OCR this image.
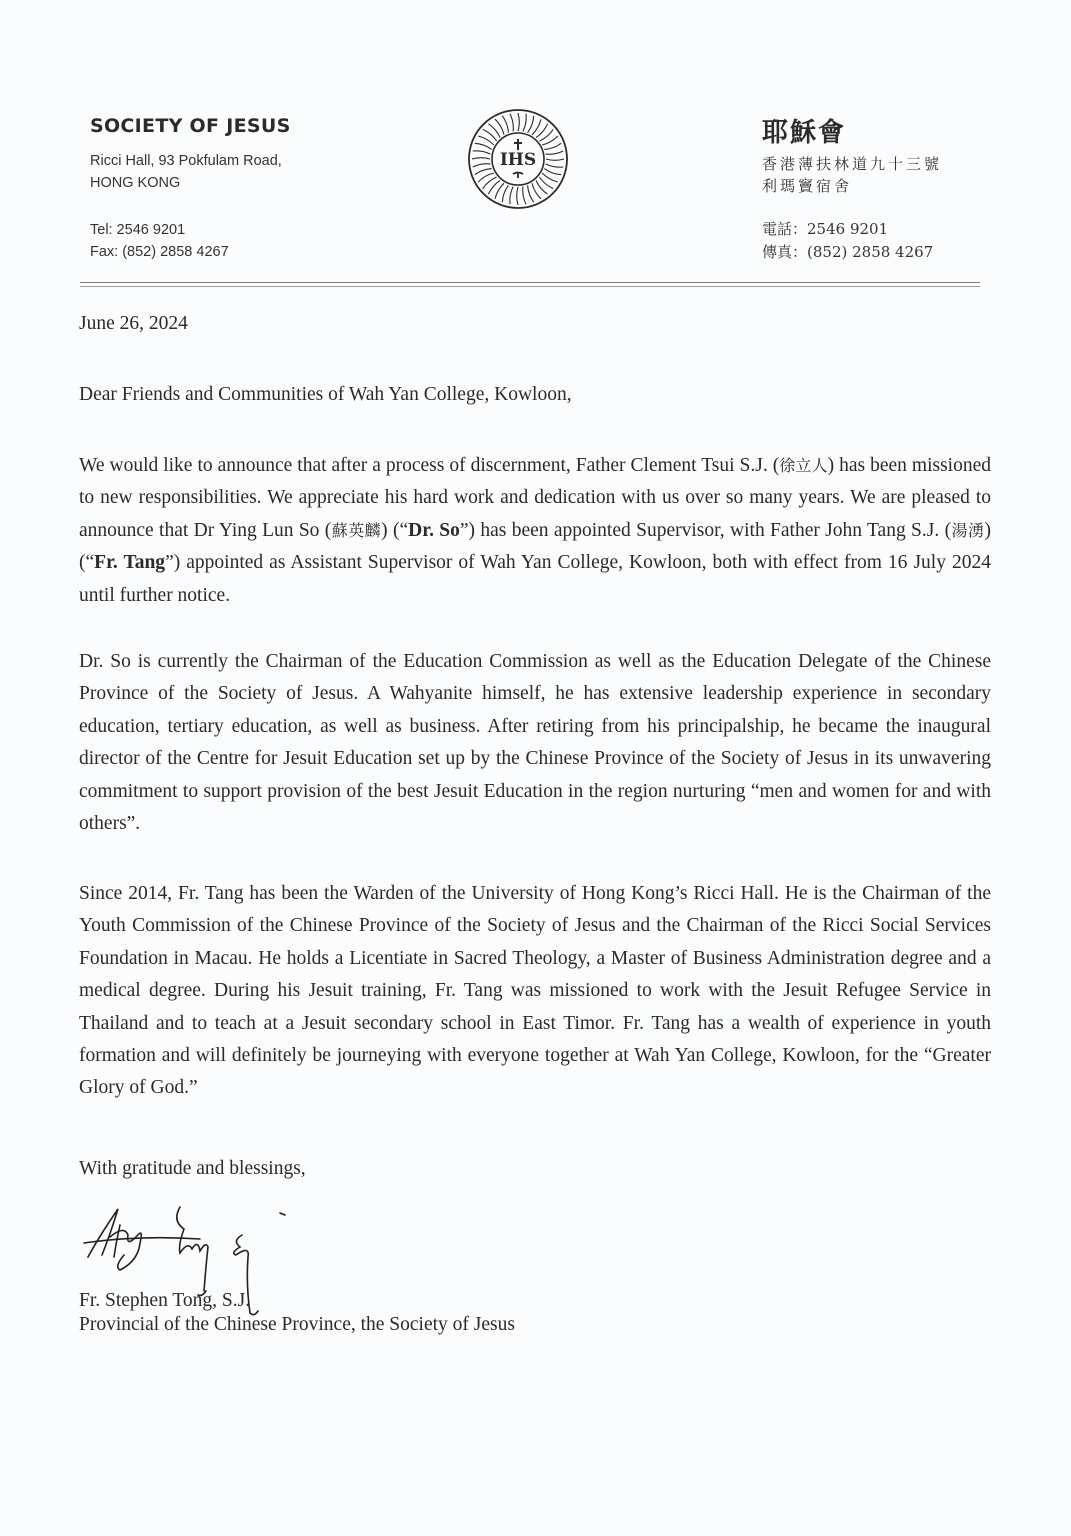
SOCIETY OF JESUS
Ricci Hall, 93 Pokfulam Road,
HONG KONG
Tel: 2546 9201
Fax: (852) 2858 4267
IHS
耶穌會
香港薄扶林道九十三號
利瑪竇宿舍
電話：2546 9201
傳真：(852) 2858 4267
June 26, 2024
Dear Friends and Communities of Wah Yan College, Kowloon,
We would like to announce that after a process of discernment, Father Clement Tsui S.J. (徐立人) has been missioned to new responsibilities. We appreciate his hard work and dedication with us over so many years. We are pleased to announce that Dr Ying Lun So (蘇英麟) (“Dr. So”) has been appointed Supervisor, with Father John Tang S.J. (湯湧) (“Fr. Tang”) appointed as Assistant Supervisor of Wah Yan College, Kowloon, both with effect from 16 July 2024 until further notice.
Dr. So is currently the Chairman of the Education Commission as well as the Education Delegate of the Chinese Province of the Society of Jesus. A Wahyanite himself, he has extensive leadership experience in secondary education, tertiary education, as well as business. After retiring from his principalship, he became the inaugural director of the Centre for Jesuit Education set up by the Chinese Province of the Society of Jesus in its unwavering commitment to support provision of the best Jesuit Education in the region nurturing “men and women for and with others”.
Since 2014, Fr. Tang has been the Warden of the University of Hong Kong’s Ricci Hall. He is the Chairman of the Youth Commission of the Chinese Province of the Society of Jesus and the Chairman of the Ricci Social Services Foundation in Macau. He holds a Licentiate in Sacred Theology, a Master of Business Administration degree and a medical degree. During his Jesuit training, Fr. Tang was missioned to work with the Jesuit Refugee Service in Thailand and to teach at a Jesuit secondary school in East Timor. Fr. Tang has a wealth of experience in youth formation and will definitely be journeying with everyone together at Wah Yan College, Kowloon, for the “Greater Glory of God.”
With gratitude and blessings,
Fr. Stephen Tong, S.J.
Provincial of the Chinese Province, the Society of Jesus
